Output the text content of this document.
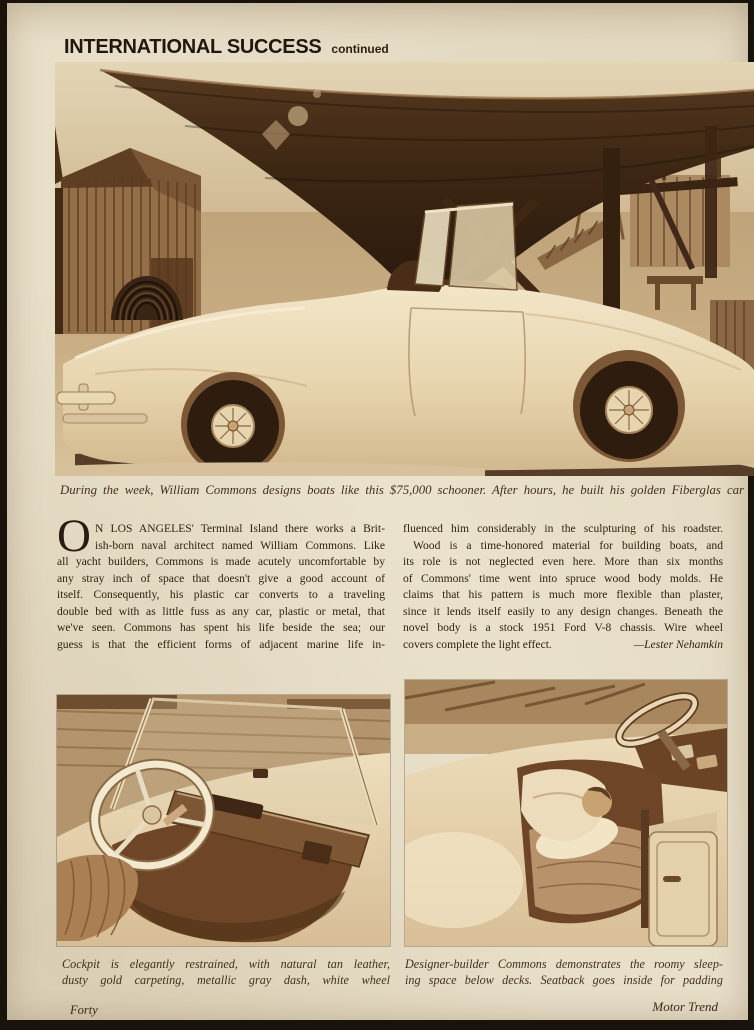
INTERNATIONAL SUCCESS continued
During the week, William Commons designs boats like this $75,000 schooner. After hours, he built his golden Fiberglas car
O N LOS ANGELES' Terminal Island there works a Brit-
ish-born naval architect named William Commons. Like
all yacht builders, Commons is made acutely uncomfortable by
any stray inch of space that doesn't give a good account of
itself. Consequently, his plastic car converts to a traveling
double bed with as little fuss as any car, plastic or metal, that
we've seen. Commons has spent his life beside the sea; our
guess is that the efficient forms of adjacent marine life in-
fluenced him considerably in the sculpturing of his roadster.
Wood is a time-honored material for building boats, and
its role is not neglected even here. More than six months
of Commons' time went into spruce wood body molds. He
claims that his pattern is much more flexible than plaster,
since it lends itself easily to any design changes. Beneath the
novel body is a stock 1951 Ford V-8 chassis. Wire wheel
covers complete the light effect.	—Lester Nehamkin
Cockpit is elegantly restrained, with natural tan leather,
dusty gold carpeting, metallic gray dash, white wheel
Designer-builder Commons demonstrates the roomy sleep-
ing space below decks. Seatback goes inside for padding
Forty	Motor Trend
